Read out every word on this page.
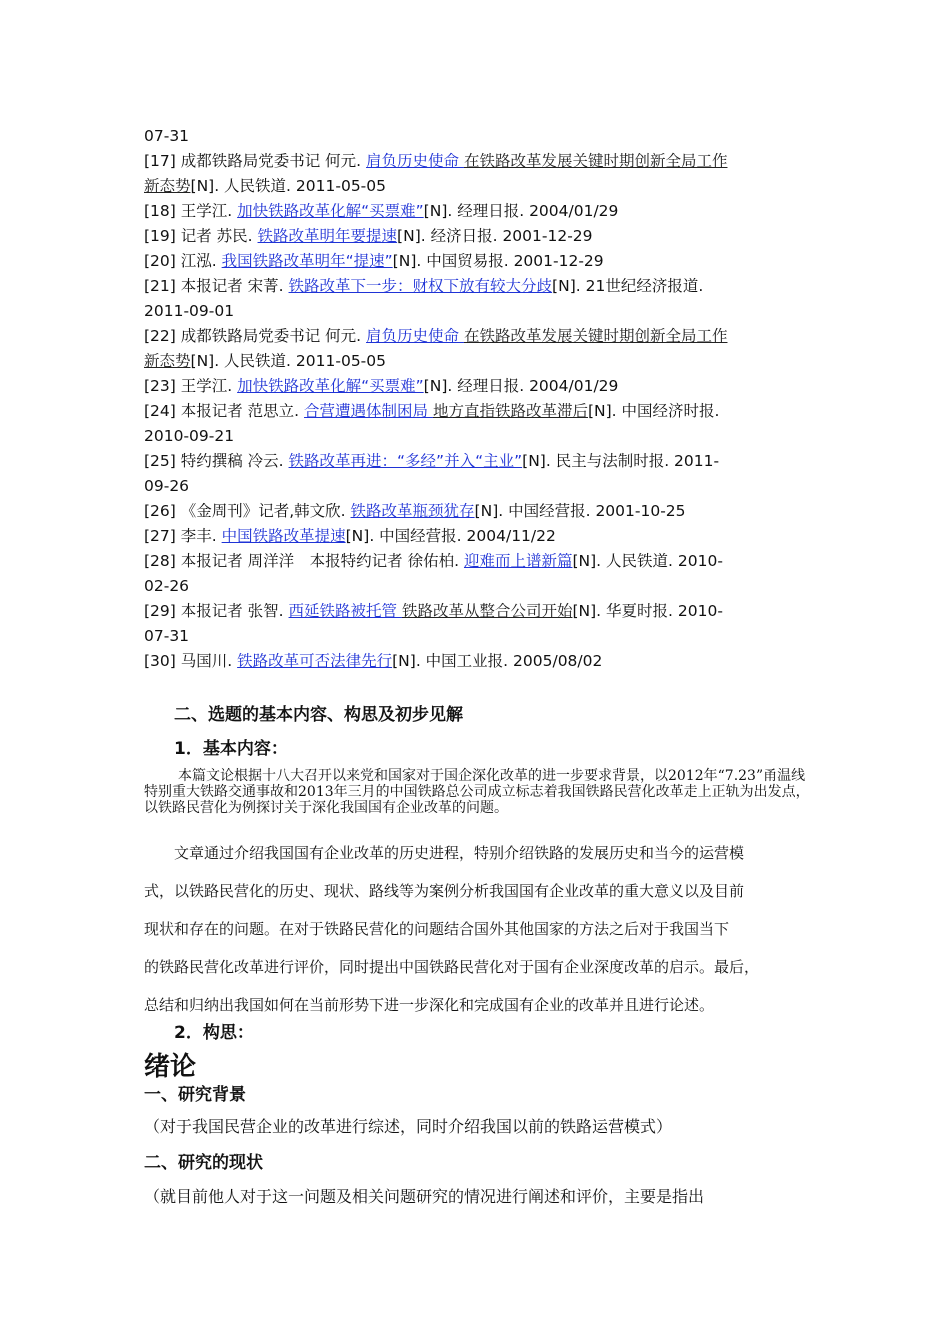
07-31
[17] 成都铁路局党委书记 何元. 肩负历史使命 在铁路改革发展关键时期创新全局工作
新态势[N]. 人民铁道. 2011-05-05
[18] 王学江. 加快铁路改革化解“买票难”[N]. 经理日报. 2004/01/29
[19] 记者 苏民. 铁路改革明年要提速[N]. 经济日报. 2001-12-29
[20] 江泓. 我国铁路改革明年“提速”[N]. 中国贸易报. 2001-12-29
[21] 本报记者 宋菁. 铁路改革下一步：财权下放有较大分歧[N]. 21世纪经济报道.
2011-09-01
[22] 成都铁路局党委书记 何元. 肩负历史使命 在铁路改革发展关键时期创新全局工作
新态势[N]. 人民铁道. 2011-05-05
[23] 王学江. 加快铁路改革化解“买票难”[N]. 经理日报. 2004/01/29
[24] 本报记者 范思立. 合营遭遇体制困局 地方直指铁路改革滞后[N]. 中国经济时报.
2010-09-21
[25] 特约撰稿 冷云. 铁路改革再进：“多经”并入“主业”[N]. 民主与法制时报. 2011-
09-26
[26] 《金周刊》记者,韩文欣. 铁路改革瓶颈犹存[N]. 中国经营报. 2001-10-25
[27] 李丰. 中国铁路改革提速[N]. 中国经营报. 2004/11/22
[28] 本报记者 周洋洋　本报特约记者 徐佑柏. 迎难而上谱新篇[N]. 人民铁道. 2010-
02-26
[29] 本报记者 张智. 西延铁路被托管 铁路改革从整合公司开始[N]. 华夏时报. 2010-
07-31
[30] 马国川. 铁路改革可否法律先行[N]. 中国工业报. 2005/08/02
二、选题的基本内容、构思及初步见解
1．基本内容：
本篇文论根据十八大召开以来党和国家对于国企深化改革的进一步要求背景，以2012年“7.23”甬温线特别重大铁路交通事故和2013年三月的中国铁路总公司成立标志着我国铁路民营化改革走上正轨为出发点，以铁路民营化为例探讨关于深化我国国有企业改革的问题。
　　文章通过介绍我国国有企业改革的历史进程，特别介绍铁路的发展历史和当今的运营模
式，以铁路民营化的历史、现状、路线等为案例分析我国国有企业改革的重大意义以及目前
现状和存在的问题。在对于铁路民营化的问题结合国外其他国家的方法之后对于我国当下
的铁路民营化改革进行评价，同时提出中国铁路民营化对于国有企业深度改革的启示。最后，
总结和归纳出我国如何在当前形势下进一步深化和完成国有企业的改革并且进行论述。
2．构思：
绪论
一、研究背景
（对于我国民营企业的改革进行综述，同时介绍我国以前的铁路运营模式）
二、研究的现状
（就目前他人对于这一问题及相关问题研究的情况进行阐述和评价，主要是指出
